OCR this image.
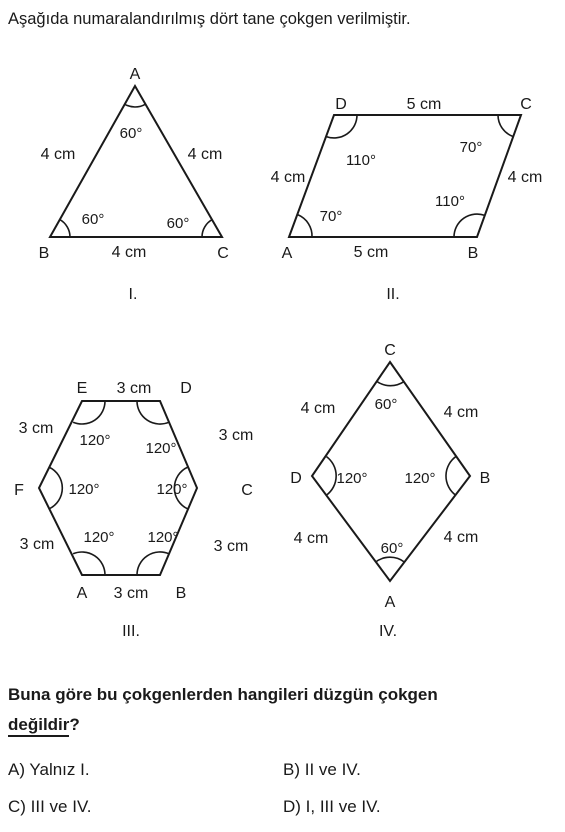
Aşağıda numaralandırılmış dört tane çokgen verilmiştir.
A
B	C
60°
60°	60°
4 cm	4 cm
4 cm
I.
D	C
A	B
5 cm
5 cm
4 cm	4 cm
110°
70°
110°
70°
II.
E	D
3 cm
3 cm	3 cm
F	C
3 cm	3 cm
A 3 cm B
120° 120°
120°	120°
120° 120°
III.
C
60°
4 cm	4 cm
D 120° 120°	B
4 cm	4 cm
60°
A
IV.
Buna göre bu çokgenlerden hangileri düzgün çokgen
değildir?
A) Yalnız I.	B) II ve IV.
C) III ve IV.	D) I, III ve IV.
